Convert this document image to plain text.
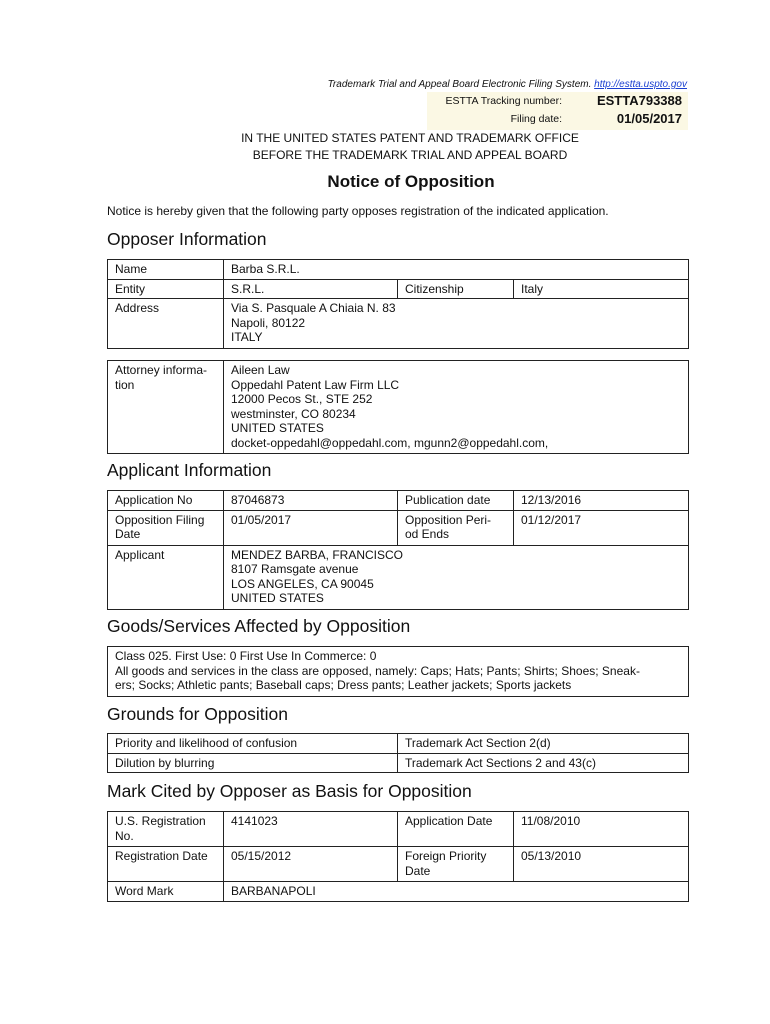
Trademark Trial and Appeal Board Electronic Filing System. http://estta.uspto.gov
ESTTA Tracking number:	ESTTA793388
Filing date:	01/05/2017
IN THE UNITED STATES PATENT AND TRADEMARK OFFICE
BEFORE THE TRADEMARK TRIAL AND APPEAL BOARD
Notice of Opposition
Notice is hereby given that the following party opposes registration of the indicated application.
Opposer Information
Name	Barba S.R.L.		
Entity	S.R.L.	Citizenship	Italy
Address	Via S. Pasquale A Chiaia N. 83
Napoli, 80122
ITALY		
Attorney informa-
tion

Aileen Law
Oppedahl Patent Law Firm LLC
12000 Pecos St., STE 252
westminster, CO 80234
UNITED STATES
docket-oppedahl@oppedahl.com, mgunn2@oppedahl.com,
Applicant Information
Application No	87046873	Publication date	12/13/2016

Opposition Filing
Date	01/05/2017	Opposition Peri-
od Ends	01/12/2017
Applicant	MENDEZ BARBA, FRANCISCO
8107 Ramsgate avenue
LOS ANGELES, CA 90045
UNITED STATES		
Goods/Services Affected by Opposition
Class 025. First Use: 0 First Use In Commerce: 0
All goods and services in the class are opposed, namely: Caps; Hats; Pants; Shirts; Shoes; Sneak-
ers; Socks; Athletic pants; Baseball caps; Dress pants; Leather jackets; Sports jackets
Grounds for Opposition
Priority and likelihood of confusion	Trademark Act Section 2(d)
Dilution by blurring	Trademark Act Sections 2 and 43(c)
Mark Cited by Opposer as Basis for Opposition
U.S. Registration
No.	4141023	Application Date	11/08/2010
Registration Date	05/15/2012	Foreign Priority
Date	05/13/2010
Word Mark	BARBANAPOLI		
